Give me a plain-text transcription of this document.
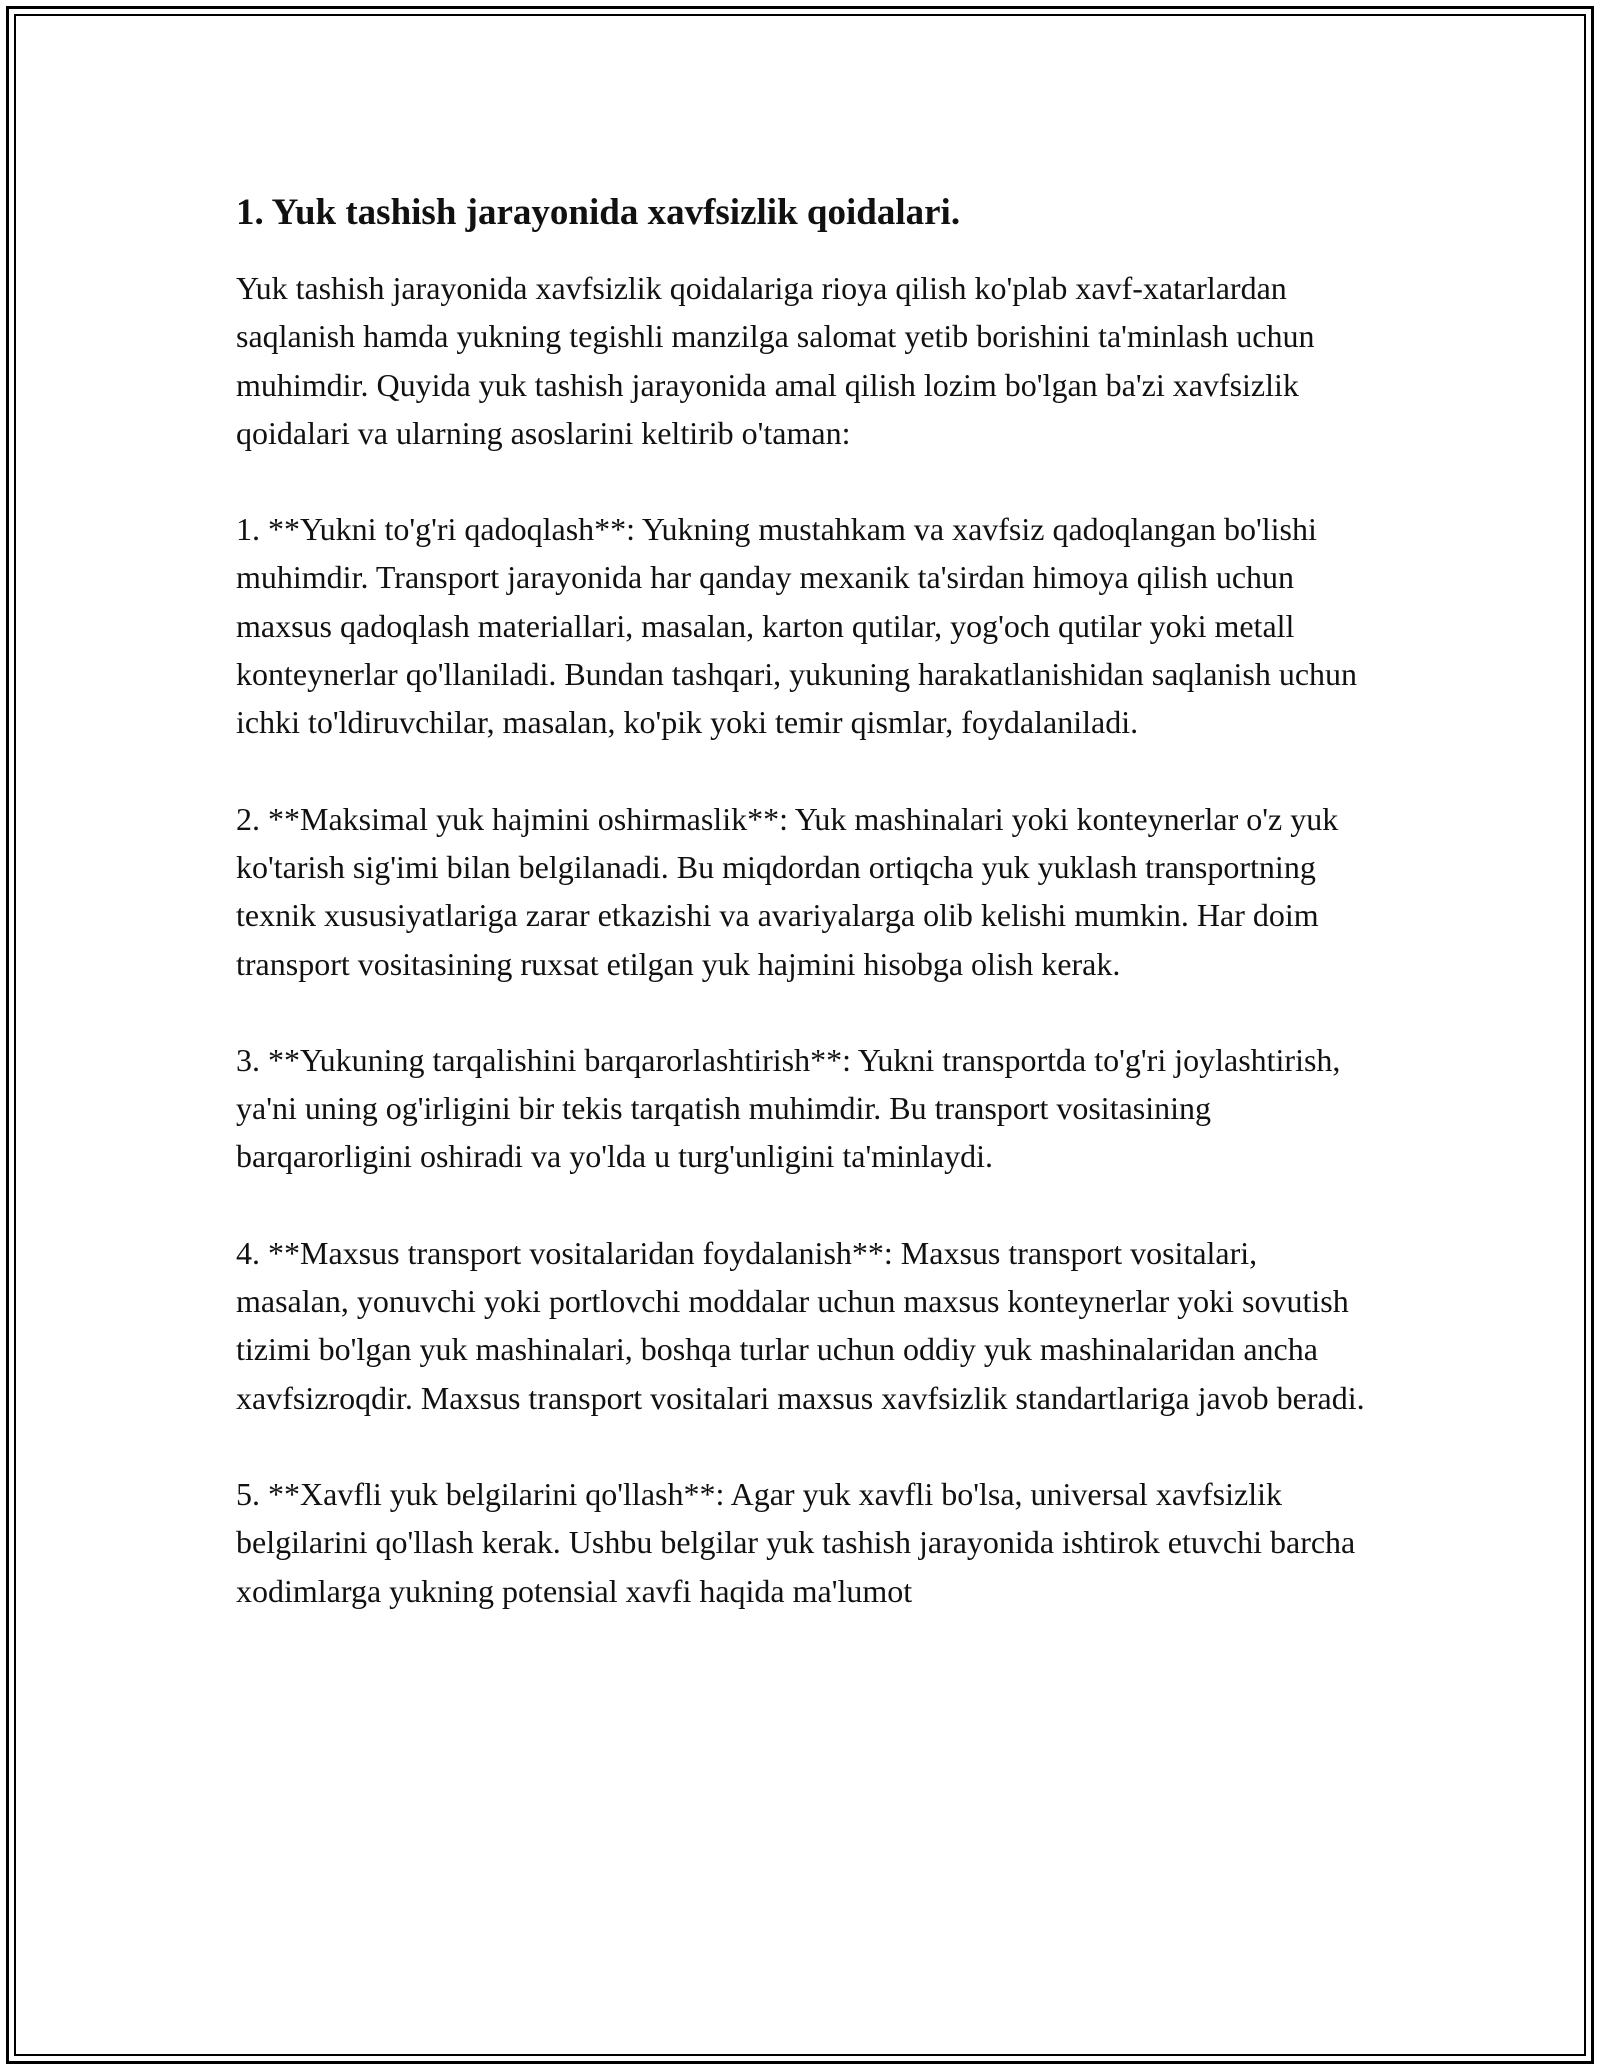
1. Yuk tashish jarayonida xavfsizlik qoidalari.

Yuk tashish jarayonida xavfsizlik qoidalariga rioya qilish ko'plab xavf-xatarlardan saqlanish hamda yukning tegishli manzilga salomat yetib borishini ta'minlash uchun muhimdir. Quyida yuk tashish jarayonida amal qilish lozim bo'lgan ba'zi xavfsizlik qoidalari va ularning asoslarini keltirib o'taman:

1. **Yukni to'g'ri qadoqlash**: Yukning mustahkam va xavfsiz qadoqlangan bo'lishi muhimdir. Transport jarayonida har qanday mexanik ta'sirdan himoya qilish uchun maxsus qadoqlash materiallari, masalan, karton qutilar, yog'och qutilar yoki metall konteynerlar qo'llaniladi. Bundan tashqari, yukuning harakatlanishidan saqlanish uchun ichki to'ldiruvchilar, masalan, ko'pik yoki temir qismlar, foydalaniladi.

2. **Maksimal yuk hajmini oshirmaslik**: Yuk mashinalari yoki konteynerlar o'z yuk ko'tarish sig'imi bilan belgilanadi. Bu miqdordan ortiqcha yuk yuklash transportning texnik xususiyatlariga zarar etkazishi va avariyalarga olib kelishi mumkin. Har doim transport vositasining ruxsat etilgan yuk hajmini hisobga olish kerak.

3. **Yukuning tarqalishini barqarorlashtirish**: Yukni transportda to'g'ri joylashtirish, ya'ni uning og'irligini bir tekis tarqatish muhimdir. Bu transport vositasining barqarorligini oshiradi va yo'lda u turg'unligini ta'minlaydi.

4. **Maxsus transport vositalaridan foydalanish**: Maxsus transport vositalari, masalan, yonuvchi yoki portlovchi moddalar uchun maxsus konteynerlar yoki sovutish tizimi bo'lgan yuk mashinalari, boshqa turlar uchun oddiy yuk mashinalaridan ancha xavfsizroqdir. Maxsus transport vositalari maxsus xavfsizlik standartlariga javob beradi.

5. **Xavfli yuk belgilarini qo'llash**: Agar yuk xavfli bo'lsa, universal xavfsizlik belgilarini qo'llash kerak. Ushbu belgilar yuk tashish jarayonida ishtirok etuvchi barcha xodimlarga yukning potensial xavfi haqida ma'lumot
